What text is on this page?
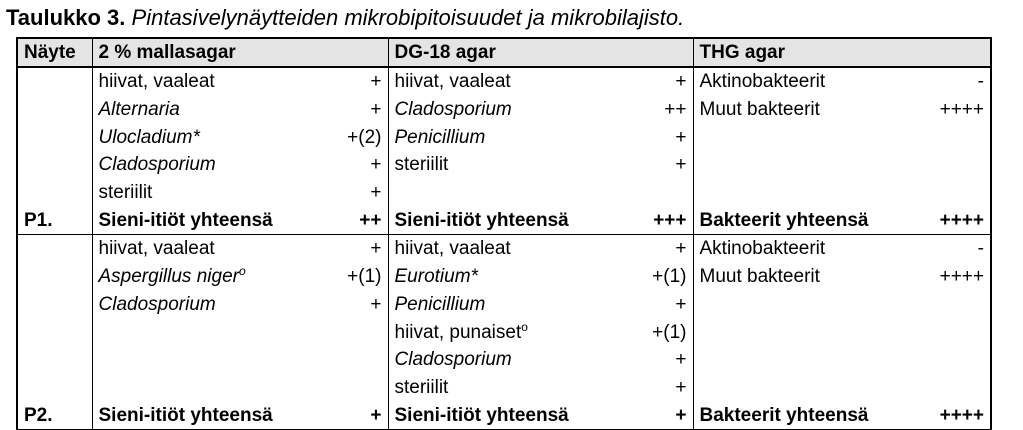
Taulukko 3. Pintasivelynäytteiden mikrobipitoisuudet ja mikrobilajisto.
Näyte	2 % mallasagar		DG-18 agar		THG agar	
	hiivat, vaaleat	+	hiivat, vaaleat	+	Aktinobakteerit	-
	Alternaria	+	Cladosporium	++	Muut bakteerit	++++
	Ulocladium*	+(2)	Penicillium	+		
	Cladosporium	+	steriilit	+		
	steriilit	+				
P1.	Sieni-itiöt yhteensä	++	Sieni-itiöt yhteensä	+++	Bakteerit yhteensä	++++
	hiivat, vaaleat	+	hiivat, vaaleat	+	Aktinobakteerit	-
	Aspergillus niger$^o$	+(1)	Eurotium*	+(1)	Muut bakteerit	++++
	Cladosporium	+	Penicillium	+		
			hiivat, punaiset$^o$	+(1)		
			Cladosporium	+		
			steriilit	+		
P2.	Sieni-itiöt yhteensä	+	Sieni-itiöt yhteensä	+	Bakteerit yhteensä	++++
